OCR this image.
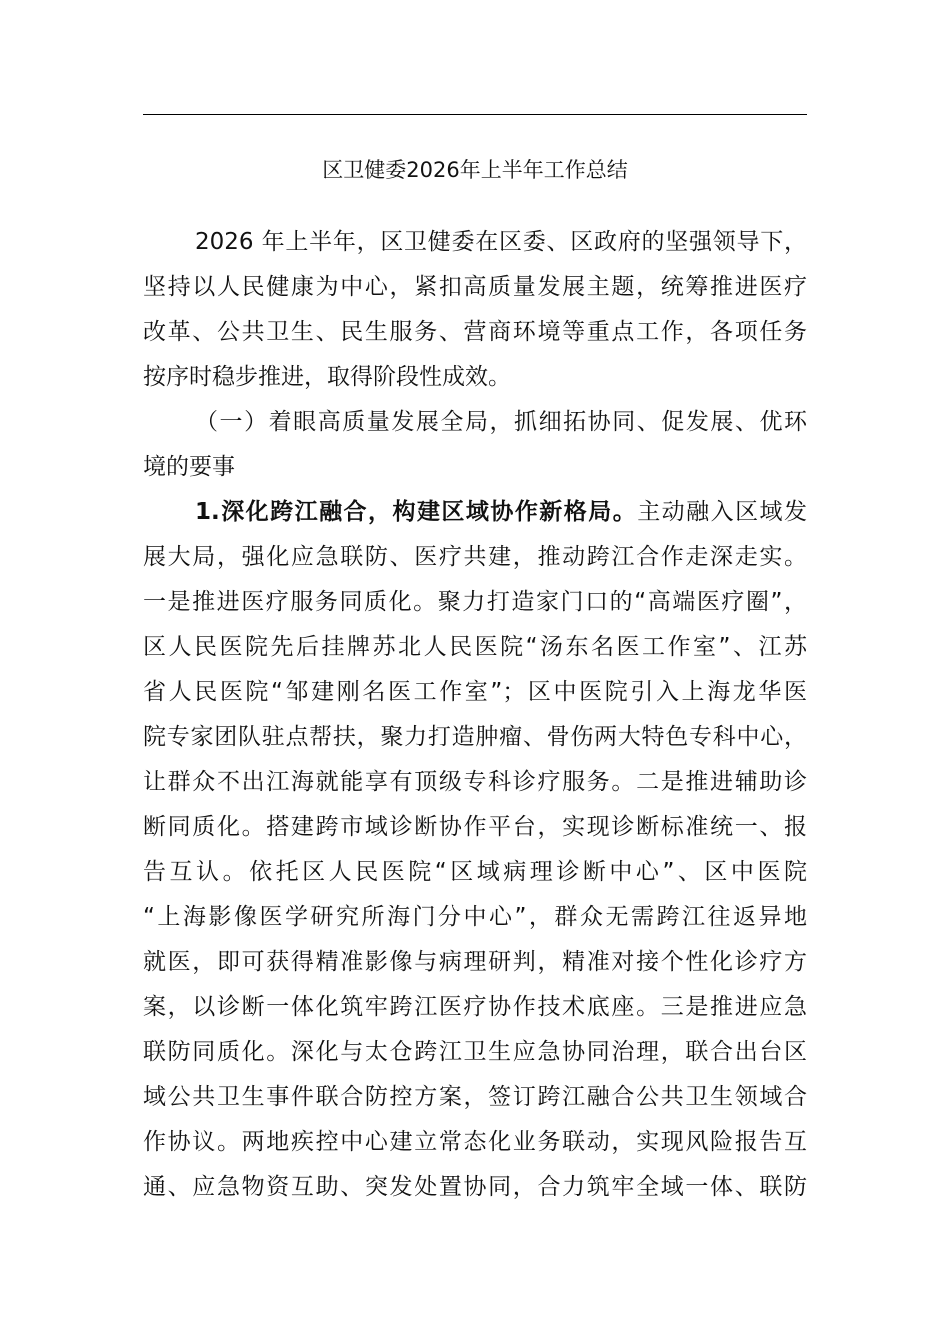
区卫健委2026年上半年工作总结
2026 年上半年，区卫健委在区委、区政府的坚强领导下，
坚持以人民健康为中心，紧扣高质量发展主题，统筹推进医疗
改革、公共卫生、民生服务、营商环境等重点工作，各项任务
按序时稳步推进，取得阶段性成效。
（一）着眼高质量发展全局，抓细拓协同、促发展、优环
境的要事
1.深化跨江融合，构建区域协作新格局。主动融入区域发
展大局，强化应急联防、医疗共建，推动跨江合作走深走实。
一是推进医疗服务同质化。聚力打造家门口的“高端医疗圈”，
区人民医院先后挂牌苏北人民医院“汤东名医工作室”、江苏
省人民医院“邹建刚名医工作室”；区中医院引入上海龙华医
院专家团队驻点帮扶，聚力打造肿瘤、骨伤两大特色专科中心，
让群众不出江海就能享有顶级专科诊疗服务。二是推进辅助诊
断同质化。搭建跨市域诊断协作平台，实现诊断标准统一、报
告互认。依托区人民医院“区域病理诊断中心”、区中医院
“上海影像医学研究所海门分中心”，群众无需跨江往返异地
就医，即可获得精准影像与病理研判，精准对接个性化诊疗方
案，以诊断一体化筑牢跨江医疗协作技术底座。三是推进应急
联防同质化。深化与太仓跨江卫生应急协同治理，联合出台区
域公共卫生事件联合防控方案，签订跨江融合公共卫生领域合
作协议。两地疾控中心建立常态化业务联动，实现风险报告互
通、应急物资互助、突发处置协同，合力筑牢全域一体、联防
